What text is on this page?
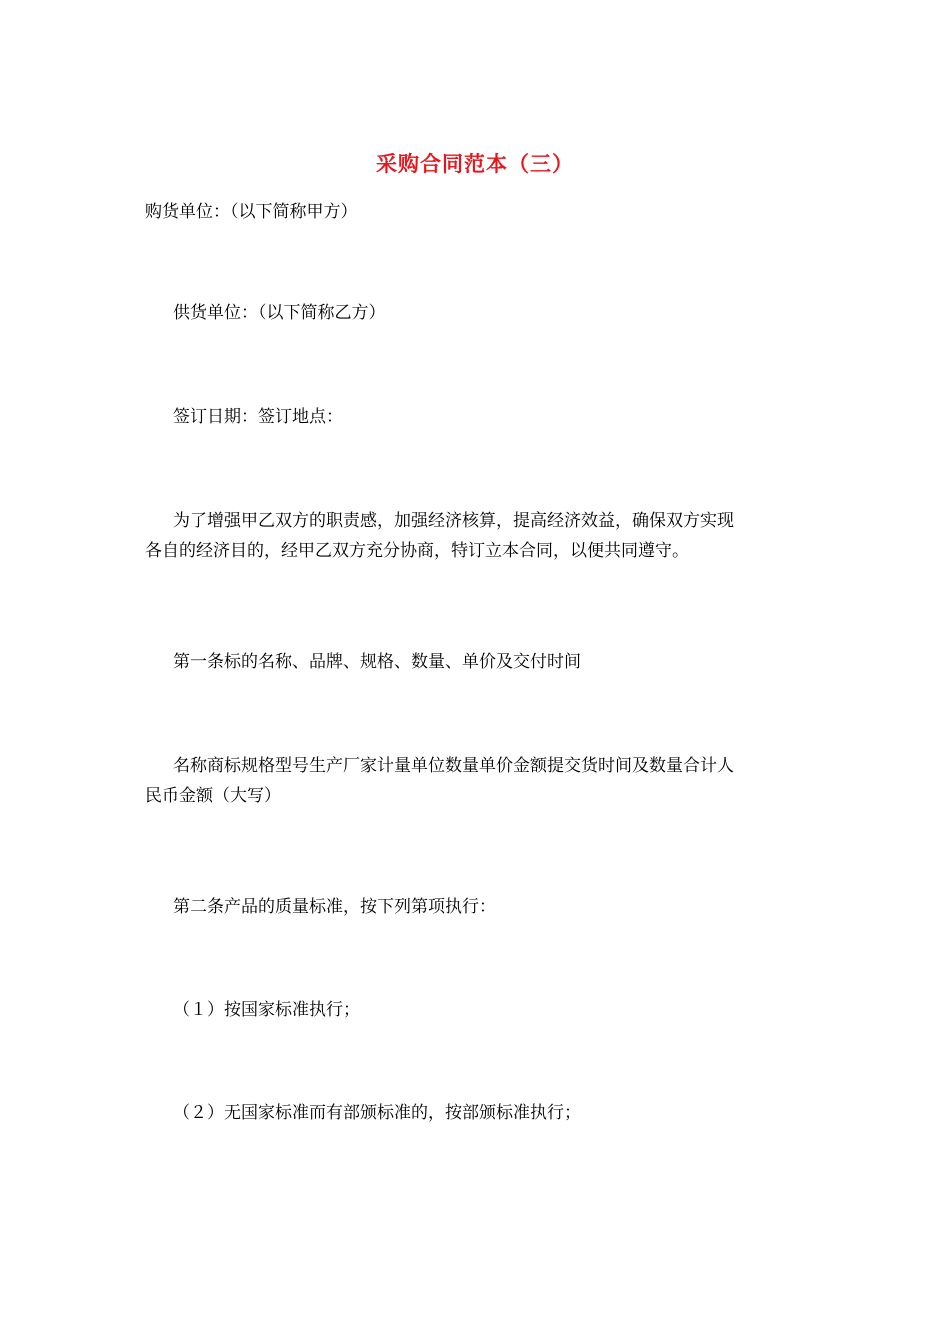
采购合同范本（三）
购货单位：（以下简称甲方）
供货单位：（以下简称乙方）
签订日期：签订地点：
为了增强甲乙双方的职责感，加强经济核算，提高经济效益，确保双方实现
各自的经济目的，经甲乙双方充分协商，特订立本合同，以便共同遵守。
第一条标的名称、品牌、规格、数量、单价及交付时间
名称商标规格型号生产厂家计量单位数量单价金额提交货时间及数量合计人
民币金额（大写）
第二条产品的质量标准，按下列第项执行：
（１）按国家标准执行；
（２）无国家标准而有部颁标准的，按部颁标准执行；
